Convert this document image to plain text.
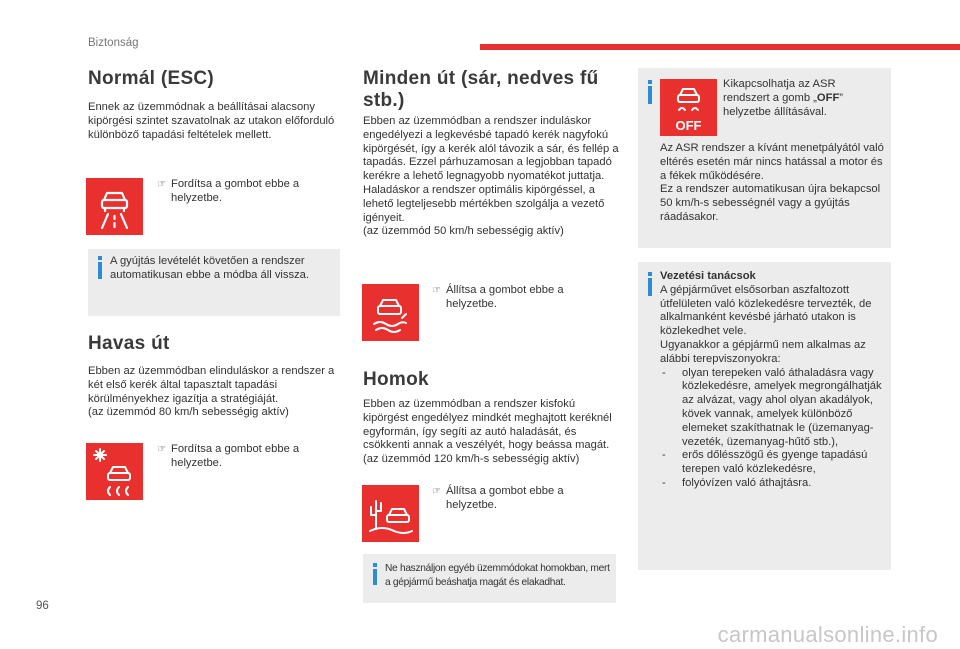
Biztonság
Normál (ESC)
Ennek az üzemmódnak a beállításai alacsony kipörgési szintet szavatolnak az utakon előforduló különböző tapadási feltételek mellett.
☞ Fordítsa a gombot ebbe a helyzetbe.
A gyújtás levételét követően a rendszer automatikusan ebbe a módba áll vissza.
Havas út
Ebben az üzemmódban elinduláskor a rendszer a két első kerék által tapasztalt tapadási körülményekhez igazítja a stratégiáját.
(az üzemmód 80 km/h sebességig aktív)
☞ Fordítsa a gombot ebbe a helyzetbe.
Minden út (sár, nedves fű stb.)
Ebben az üzemmódban a rendszer induláskor engedélyezi a legkevésbé tapadó kerék nagyfokú kipörgését, így a kerék alól távozik a sár, és fellép a tapadás. Ezzel párhuzamosan a legjobban tapadó kerékre a lehető legnagyobb nyomatékot juttatja.
Haladáskor a rendszer optimális kipörgéssel, a lehető legteljesebb mértékben szolgálja a vezető igényeit.
(az üzemmód 50 km/h sebességig aktív)
☞ Állítsa a gombot ebbe a helyzetbe.
Homok
Ebben az üzemmódban a rendszer kisfokú kipörgést engedélyez mindkét meghajtott keréknél egyformán, így segíti az autó haladását, és csökkenti annak a veszélyét, hogy beássa magát.
(az üzemmód 120 km/h-s sebességig aktív)
☞ Állítsa a gombot ebbe a helyzetbe.
Ne használjon egyéb üzemmódokat homokban, mert a gépjármű beáshatja magát és elakadhat.
OFF
Kikapcsolhatja az ASR rendszert a gomb „OFF” helyzetbe állításával.
Az ASR rendszer a kívánt menetpályától való eltérés esetén már nincs hatással a motor és a fékek működésére.
Ez a rendszer automatikusan újra bekapcsol 50 km/h-s sebességnél vagy a gyújtás ráadásakor.
Vezetési tanácsok
A gépjárművet elsősorban aszfaltozott útfelületen való közlekedésre tervezték, de alkalmanként kevésbé járható utakon is közlekedhet vele.
Ugyanakkor a gépjármű nem alkalmas az alábbi terepviszonyokra:
- olyan terepeken való áthaladásra vagy közlekedésre, amelyek megrongálhatják az alvázat, vagy ahol olyan akadályok, kövek vannak, amelyek különböző elemeket szakíthatnak le (üzemanyag-vezeték, üzemanyag-hűtő stb.),
- erős dőlésszögű és gyenge tapadású terepen való közlekedésre,
- folyóvízen való áthajtásra.
96
carmanualsonline.info
